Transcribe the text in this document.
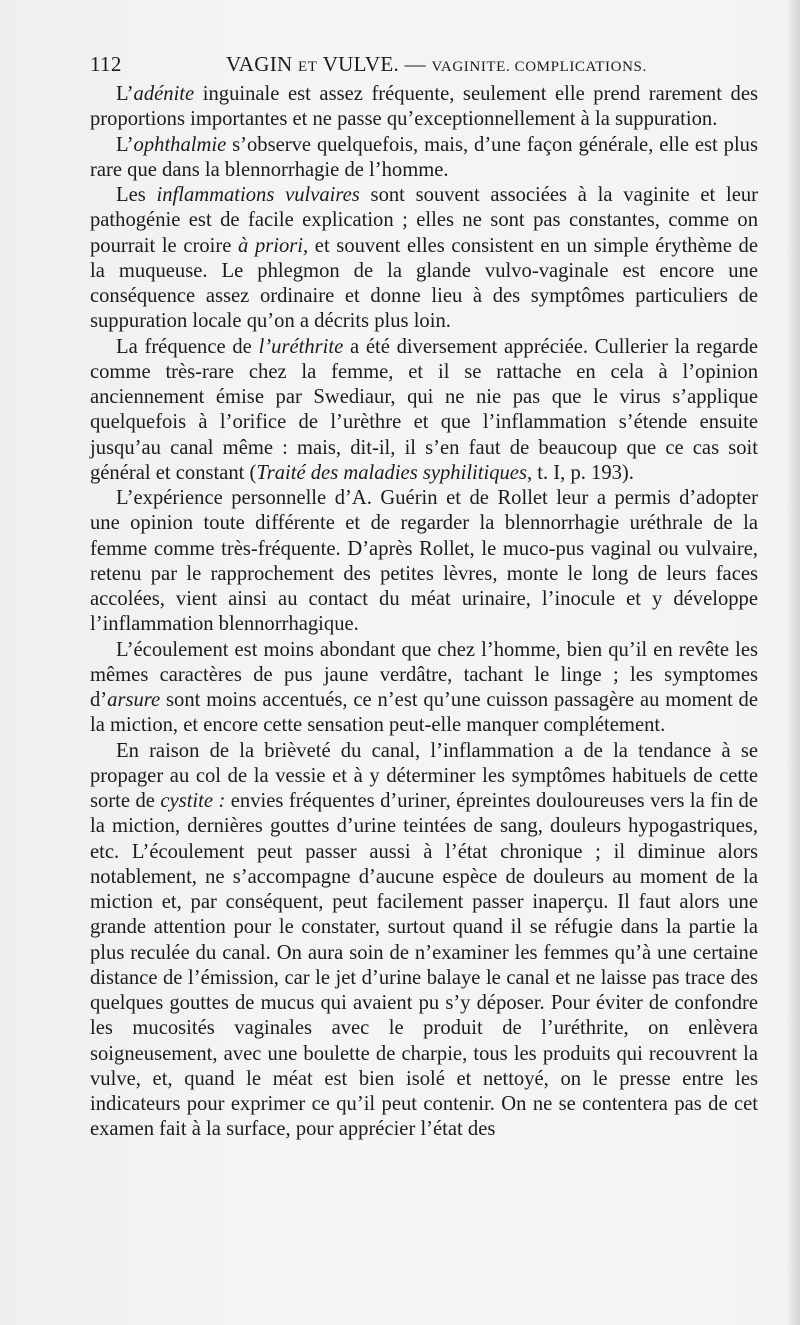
112	VAGIN ET VULVE. — VAGINITE. COMPLICATIONS.

L’adénite inguinale est assez fréquente, seulement elle prend rarement des proportions importantes et ne passe qu’exceptionnellement à la suppuration.

L’ophthalmie s’observe quelquefois, mais, d’une façon générale, elle est plus rare que dans la blennorrhagie de l’homme.

Les inflammations vulvaires sont souvent associées à la vaginite et leur pathogénie est de facile explication ; elles ne sont pas constantes, comme on pourrait le croire à priori, et souvent elles consistent en un simple érythème de la muqueuse. Le phlegmon de la glande vulvo-vaginale est encore une conséquence assez ordinaire et donne lieu à des symptômes particuliers de suppuration locale qu’on a décrits plus loin.

La fréquence de l’uréthrite a été diversement appréciée. Cullerier la regarde comme très-rare chez la femme, et il se rattache en cela à l’opinion anciennement émise par Swediaur, qui ne nie pas que le virus s’applique quelquefois à l’orifice de l’urèthre et que l’inflammation s’étende ensuite jusqu’au canal même : mais, dit-il, il s’en faut de beaucoup que ce cas soit général et constant (Traité des maladies syphilitiques, t. I, p. 193).

L’expérience personnelle d’A. Guérin et de Rollet leur a permis d’adopter une opinion toute différente et de regarder la blennorrhagie uréthrale de la femme comme très-fréquente. D’après Rollet, le muco-pus vaginal ou vulvaire, retenu par le rapprochement des petites lèvres, monte le long de leurs faces accolées, vient ainsi au contact du méat urinaire, l’inocule et y développe l’inflammation blennorrhagique.

L’écoulement est moins abondant que chez l’homme, bien qu’il en revête les mêmes caractères de pus jaune verdâtre, tachant le linge ; les symptomes d’arsure sont moins accentués, ce n’est qu’une cuisson passagère au moment de la miction, et encore cette sensation peut-elle manquer complétement.

En raison de la brièveté du canal, l’inflammation a de la tendance à se propager au col de la vessie et à y déterminer les symptômes habituels de cette sorte de cystite : envies fréquentes d’uriner, épreintes douloureuses vers la fin de la miction, dernières gouttes d’urine teintées de sang, douleurs hypogastriques, etc. L’écoulement peut passer aussi à l’état chronique ; il diminue alors notablement, ne s’accompagne d’aucune espèce de douleurs au moment de la miction et, par conséquent, peut facilement passer inaperçu. Il faut alors une grande attention pour le constater, surtout quand il se réfugie dans la partie la plus reculée du canal. On aura soin de n’examiner les femmes qu’à une certaine distance de l’émission, car le jet d’urine balaye le canal et ne laisse pas trace des quelques gouttes de mucus qui avaient pu s’y déposer. Pour éviter de confondre les mucosités vaginales avec le produit de l’uréthrite, on enlèvera soigneusement, avec une boulette de charpie, tous les produits qui recouvrent la vulve, et, quand le méat est bien isolé et nettoyé, on le presse entre les indicateurs pour exprimer ce qu’il peut contenir. On ne se contentera pas de cet examen fait à la surface, pour apprécier l’état des
